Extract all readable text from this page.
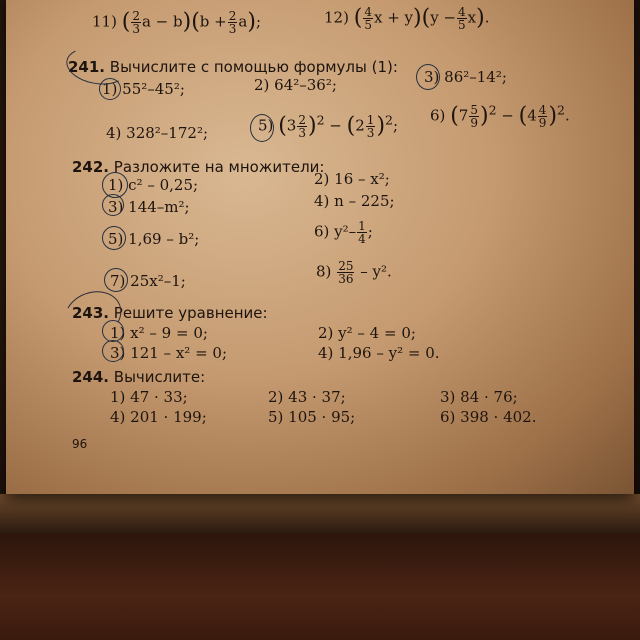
11) ( $\frac{2}{3}$ $a - b)(b + \frac{2}{3} a)$;	12) ( $\frac{4}{5}$ $x + y)(y - \frac{4}{5} x)$.
241. Вычислите с помощью формулы (1):
1) 55²–45²;	2) 64²–36²;	3) 86²–14²;
4) 328²–172²;	5) $(3 \frac{2}{3} )^2 - (2 \frac{1}{3} )^2$;
6) $(7 \frac{5}{9} )^2 - (4 \frac{4}{9} )^2$.
242. Разложите на множители:
1) c² – 0,25;	2) 16 – x²;
3) 144–m²;	4) n – 225;
5) 1,69 – b²;	6) $y^2- \frac{1}{4}$ ;
7) 25x²–1;
$8) \frac{25}{36} - y^2$.
243. Решите уравнение:
1) x² – 9 = 0;	2) y² – 4 = 0;
3) 121 – x² = 0;	4) 1,96 – y² = 0.
244. Вычислите:
1) 47 · 33;	2) 43 · 37;	3) 84 · 76;
4) 201 · 199;	5) 105 · 95;	6) 398 · 402.
96
